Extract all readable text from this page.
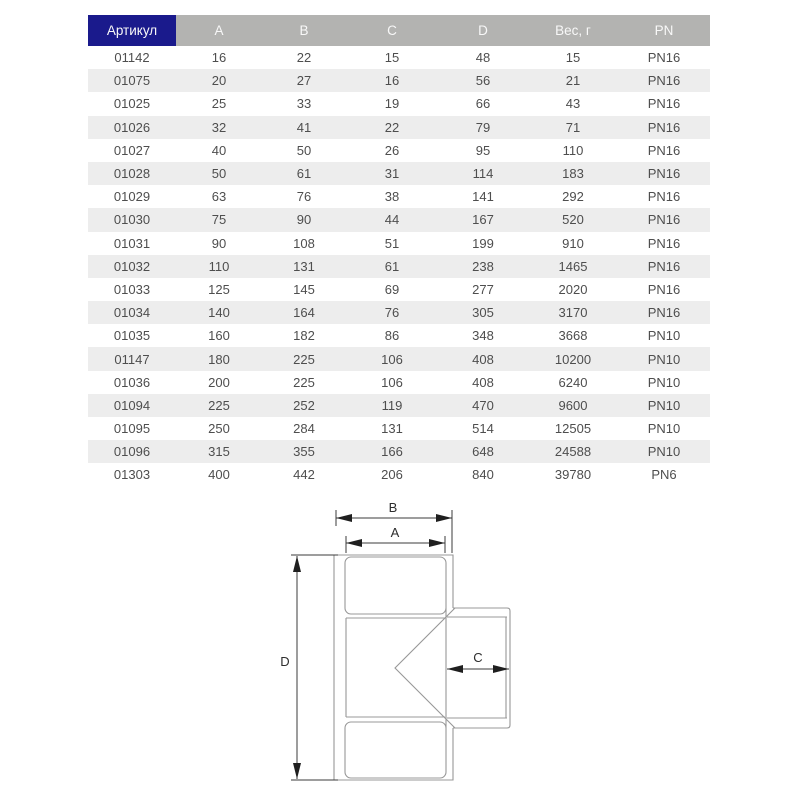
Артикул	A	B	C	D	Вес, г	PN
01142	16	22	15	48	15	PN16
01075	20	27	16	56	21	PN16
01025	25	33	19	66	43	PN16
01026	32	41	22	79	71	PN16
01027	40	50	26	95	110	PN16
01028	50	61	31	114	183	PN16
01029	63	76	38	141	292	PN16
01030	75	90	44	167	520	PN16
01031	90	108	51	199	910	PN16
01032	110	131	61	238	1465	PN16
01033	125	145	69	277	2020	PN16
01034	140	164	76	305	3170	PN16
01035	160	182	86	348	3668	PN10
01147	180	225	106	408	10200	PN10
01036	200	225	106	408	6240	PN10
01094	225	252	119	470	9600	PN10
01095	250	284	131	514	12505	PN10
01096	315	355	166	648	24588	PN10
01303	400	442	206	840	39780	PN6
B
A
D	C
